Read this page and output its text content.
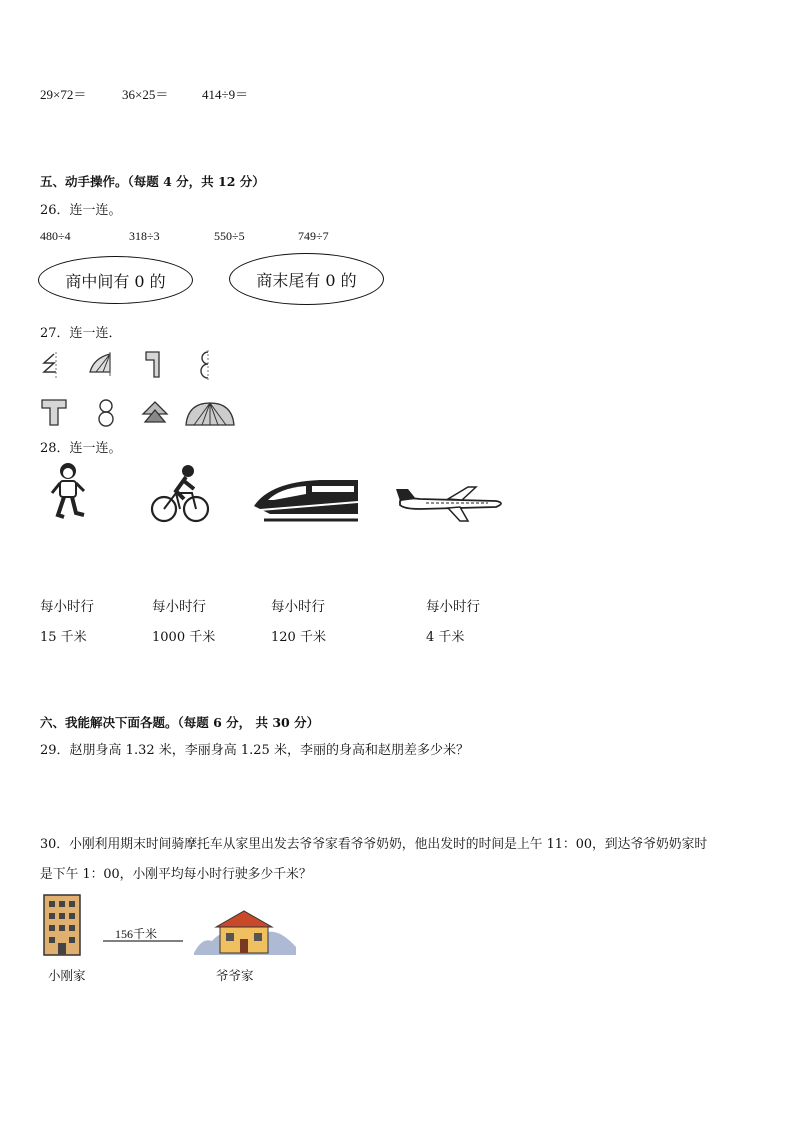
29×72＝	36×25＝	414÷9＝
五、动手操作。（每题 4 分，共 12 分）
26．连一连。
480÷4	318÷3	550÷5	749÷7
商中间有 0 的	商末尾有 0 的
27．连一连．
28．连一连。
每小时行	每小时行	每小时行	每小时行
15 千米	1000 千米	120 千米	4 千米
六、我能解决下面各题。（每题 6 分， 共 30 分）
29．赵朋身高 1.32 米，李丽身高 1.25 米，李丽的身高和赵朋差多少米？
30．小刚利用期末时间骑摩托车从家里出发去爷爷家看爷爷奶奶，他出发时的时间是上午 11：00，到达爷爷奶奶家时
是下午 1：00，小刚平均每小时行驶多少千米？
156千米
小刚家	爷爷家
